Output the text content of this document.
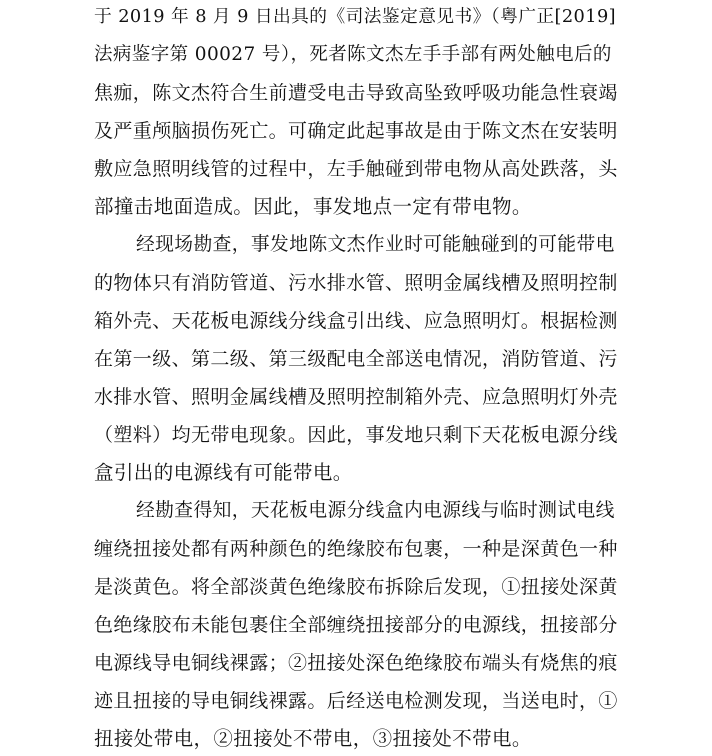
于 2019 年 8 月 9 日出具的《司法鉴定意见书》（粤广正[2019]
法病鉴字第 00027 号），死者陈文杰左手手部有两处触电后的
焦痂，陈文杰符合生前遭受电击导致高坠致呼吸功能急性衰竭
及严重颅脑损伤死亡。可确定此起事故是由于陈文杰在安装明
敷应急照明线管的过程中，左手触碰到带电物从高处跌落，头
部撞击地面造成。因此，事发地点一定有带电物。
经现场勘查，事发地陈文杰作业时可能触碰到的可能带电
的物体只有消防管道、污水排水管、照明金属线槽及照明控制
箱外壳、天花板电源线分线盒引出线、应急照明灯。根据检测
在第一级、第二级、第三级配电全部送电情况，消防管道、污
水排水管、照明金属线槽及照明控制箱外壳、应急照明灯外壳
（塑料）均无带电现象。因此，事发地只剩下天花板电源分线
盒引出的电源线有可能带电。
经勘查得知，天花板电源分线盒内电源线与临时测试电线
缠绕扭接处都有两种颜色的绝缘胶布包裹，一种是深黄色一种
是淡黄色。将全部淡黄色绝缘胶布拆除后发现，①扭接处深黄
色绝缘胶布未能包裹住全部缠绕扭接部分的电源线，扭接部分
电源线导电铜线裸露；②扭接处深色绝缘胶布端头有烧焦的痕
迹且扭接的导电铜线裸露。后经送电检测发现，当送电时，①
扭接处带电，②扭接处不带电，③扭接处不带电。
